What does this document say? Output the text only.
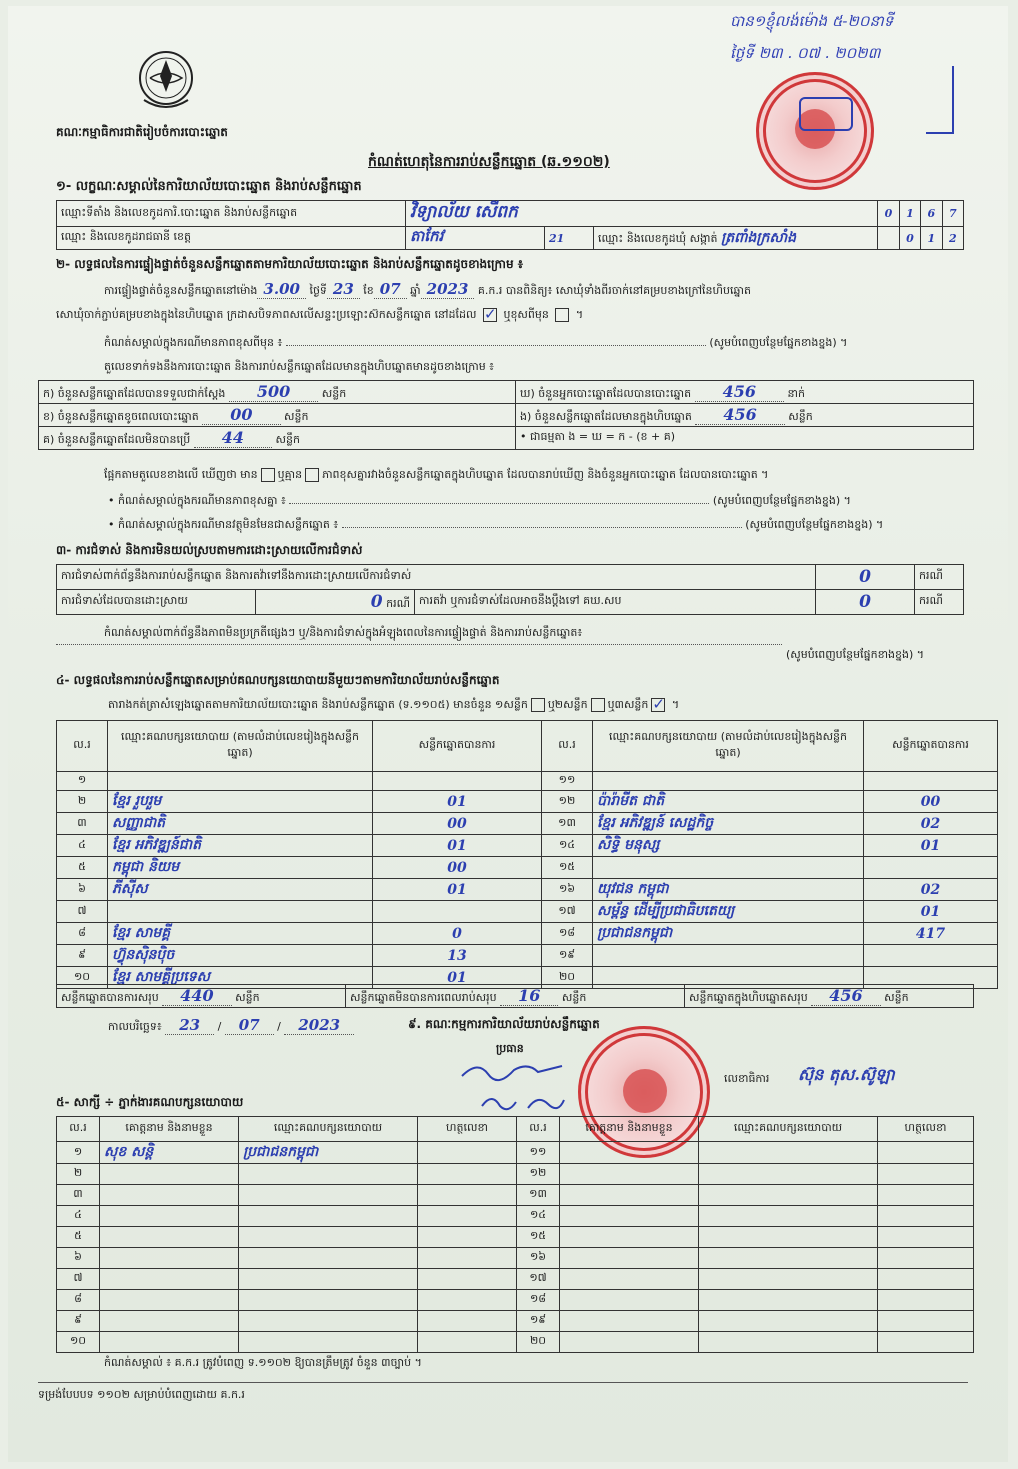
គណៈកម្មាធិការជាតិរៀបចំការបោះឆ្នោត
កំណត់ហេតុនៃការរាប់សន្លឹកឆ្នោត (ឆ.១១០២)
បាន១ខ្ញុំលង់ម៉ោង ៥-២០នាទី
ថ្ងៃទី ២៣ . ០៧ . ២០២៣
១- លក្ខណៈសម្គាល់នៃការិយាល័យបោះឆ្នោត និងរាប់សន្លឹកឆ្នោត
ឈ្មោះទីតាំង និងលេខកូដការិ.បោះឆ្នោត និងរាប់សន្លឹកឆ្នោត	វិទ្យាល័យ សើពក			0	1	6	7
ឈ្មោះ និងលេខកូដរាជធានី ខេត្ត	តាកែវ	21	ឈ្មោះ និងលេខកូដឃុំ សង្កាត់ ត្រពាំងក្រសាំង		0	1	2
២- លទ្ធផលនៃការផ្ទៀងផ្ទាត់ចំនួនសន្លឹកឆ្នោតតាមការិយាល័យបោះឆ្នោត និងរាប់សន្លឹកឆ្នោតដូចខាងក្រោម ៖
ការផ្ទៀងផ្ទាត់ចំនួនសន្លឹកឆ្នោតនៅម៉ោង 3.00 ថ្ងៃទី 23 ខែ 07 ឆ្នាំ 2023 គ.ក.រ បានពិនិត្យ៖ សោឃុំទាំងពីរចាក់នៅគម្របខាងក្រៅនៃហិបឆ្នោត
សោឃុំចាក់ភ្ជាប់គម្របខាងក្នុងនៃហិបឆ្នោត ក្រដាសបិទភាពសលើសន្ទះប្រឡោះស៊កសន្លឹកឆ្នោត នៅដដែល ✓ ឬខុសពីមុន  ។
កំណត់សម្គាល់ក្នុងករណីមានភាពខុសពីមុន ៖	(សូមបំពេញបន្ថែមផ្នែកខាងខ្នង) ។
តួលេខទាក់ទងនឹងការបោះឆ្នោត និងការរាប់សន្លឹកឆ្នោតដែលមានក្នុងហិបឆ្នោតមានដូចខាងក្រោម ៖
ក) ចំនួនសន្លឹកឆ្នោតដែលបានទទួលជាក់ស្តែង 500 សន្លឹក	ឃ) ចំនួនអ្នកបោះឆ្នោតដែលបានបោះឆ្នោត 456 នាក់
ខ) ចំនួនសន្លឹកឆ្នោតខូចពេលបោះឆ្នោត 00 សន្លឹក	ង) ចំនួនសន្លឹកឆ្នោតដែលមានក្នុងហិបឆ្នោត 456 សន្លឹក
គ) ចំនួនសន្លឹកឆ្នោតដែលមិនបានប្រើ 44 សន្លឹក	• ជាធម្មតា ង = ឃ = ក - (ខ + គ)
ផ្អែកតាមតួលេខខាងលើ ឃើញថា មាន ឬគ្មាន ភាពខុសគ្នារវាងចំនួនសន្លឹកឆ្នោតក្នុងហិបឆ្នោត ដែលបានរាប់ឃើញ និងចំនួនអ្នកបោះឆ្នោត ដែលបានបោះឆ្នោត ។
• កំណត់សម្គាល់ក្នុងករណីមានភាពខុសគ្នា ៖	(សូមបំពេញបន្ថែមផ្នែកខាងខ្នង) ។
• កំណត់សម្គាល់ក្នុងករណីមានវត្ថុមិនមែនជាសន្លឹកឆ្នោត ៖	(សូមបំពេញបន្ថែមផ្នែកខាងខ្នង) ។
៣- ការជំទាស់ និងការមិនយល់ស្របតាមការដោះស្រាយលើការជំទាស់
ការជំទាស់ពាក់ព័ន្ធនឹងការរាប់សន្លឹកឆ្នោត និងការតវ៉ាទៅនឹងការដោះស្រាយលើការជំទាស់			0	ករណី
ការជំទាស់ដែលបានដោះស្រាយ	0 ករណី	ការតវ៉ា ឬការជំទាស់ដែលអាចនឹងប្តឹងទៅ គឃ.សប	0	ករណី
កំណត់សម្គាល់ពាក់ព័ន្ធនឹងភាពមិនប្រក្រតីផ្សេងៗ ឬ/និងការជំទាស់ក្នុងអំឡុងពេលនៃការផ្ទៀងផ្ទាត់ និងការរាប់សន្លឹកឆ្នោត៖
(សូមបំពេញបន្ថែមផ្នែកខាងខ្នង) ។
៤- លទ្ធផលនៃការរាប់សន្លឹកឆ្នោតសម្រាប់គណបក្សនយោបាយនីមួយៗតាមការិយាល័យរាប់សន្លឹកឆ្នោត
តារាងកត់ត្រាសំឡេងឆ្នោតតាមការិយាល័យបោះឆ្នោត និងរាប់សន្លឹកឆ្នោត (ទ.១១០៥) មានចំនួន ១សន្លឹក ឬ២សន្លឹក ឬ៣សន្លឹក✓ ។
ល.រ	ឈ្មោះគណបក្សនយោបាយ (តាមលំដាប់លេខរៀងក្នុងសន្លឹកឆ្នោត)	សន្លឹកឆ្នោតបានការ	ល.រ	ឈ្មោះគណបក្សនយោបាយ (តាមលំដាប់លេខរៀងក្នុងសន្លឹកឆ្នោត)	សន្លឹកឆ្នោតបានការ
១			១១		
២	ខ្មែរ រួបរួម	01	១២	ប៉ារ៉ាមីត ជាតិ	00
៣	សញ្ញាជាតិ	00	១៣	ខ្មែរ អភិវឌ្ឍន៍ សេដ្ឋកិច្ច	02
៤	ខ្មែរ អភិវឌ្ឍន៍ជាតិ	01	១៤	សិទ្ធិ មនុស្ស	01
៥	កម្ពុជា និយម	00	១៥		
៦	ភីស៊ីស	01	១៦	យុវជន កម្ពុជា	02
៧			១៧	សម្ព័ន្ធ ដើម្បីប្រជាធិបតេយ្យ	01
៨	ខ្មែរ សាមគ្គី	0	១៨	ប្រជាជនកម្ពុជា	417
៩	ហ៊្វុនស៊ិនប៉ិច	13	១៩		
១០	ខ្មែរ សាមគ្គីប្រទេស	01	២០		
សន្លឹកឆ្នោតបានការសរុប 440 សន្លឹក	សន្លឹកឆ្នោតមិនបានការពេលរាប់សរុប 16 សន្លឹក	សន្លឹកឆ្នោតក្នុងហិបឆ្នោតសរុប 456 សន្លឹក
កាលបរិច្ឆេទ៖ 23 / 07 / 2023	៩. គណៈកម្មការការិយាល័យរាប់សន្លឹកឆ្នោត
ប្រធាន
លេខាធិការ ស៊ុន តុស.ស៊ូឡា
៥- សាក្សី ÷ ភ្នាក់ងារគណបក្សនយោបាយ
ល.រ	គោត្តនាម និងនាមខ្លួន	ឈ្មោះគណបក្សនយោបាយ	ហត្ថលេខា	ល.រ	គោត្តនាម និងនាមខ្លួន	ឈ្មោះគណបក្សនយោបាយ	ហត្ថលេខា
១	សុខ សន្តិ	ប្រជាជនកម្ពុជា		១១			
២				១២			
៣				១៣			
៤				១៤			
៥				១៥			
៦				១៦			
៧				១៧			
៨				១៨			
៩				១៩			
១០				២០			
កំណត់សម្គាល់ ៖ គ.ក.រ ត្រូវបំពេញ ទ.១១០២ ឱ្យបានត្រឹមត្រូវ ចំនួន ៣ច្បាប់ ។
ទម្រង់បែបបទ ១១០២ សម្រាប់បំពេញដោយ គ.ក.រ
